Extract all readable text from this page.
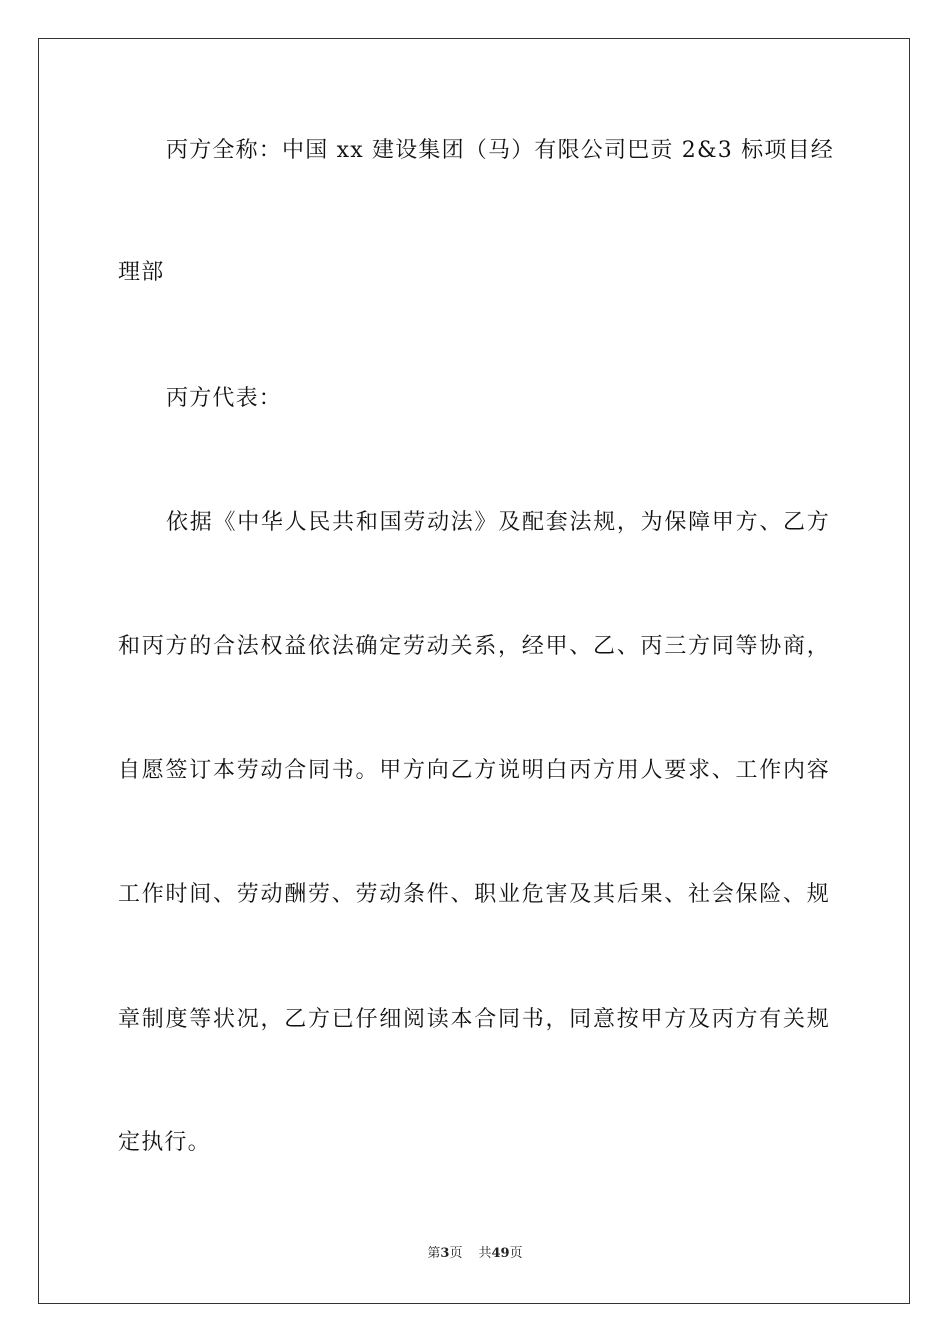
丙方全称：中国 xx 建设集团（马）有限公司巴贡 2&3 标项目经
理部
丙方代表：
依据《中华人民共和国劳动法》及配套法规，为保障甲方、乙方
和丙方的合法权益依法确定劳动关系，经甲、乙、丙三方同等协商，
自愿签订本劳动合同书。甲方向乙方说明白丙方用人要求、工作内容
工作时间、劳动酬劳、劳动条件、职业危害及其后果、社会保险、规
章制度等状况，乙方已仔细阅读本合同书，同意按甲方及丙方有关规
定执行。
第3页 共49页
